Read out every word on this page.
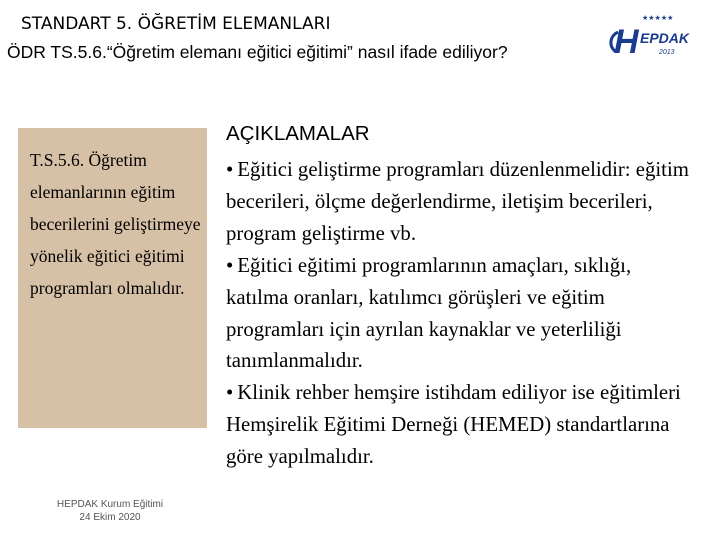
STANDART 5. ÖĞRETİM ELEMANLARI
ÖDR TS.5.6.“Öğretim elemanı eğitici eğitimi” nasıl ifade ediliyor?
★★★★★
H EPDAK
2013
T.S.5.6. Öğretim elemanlarının eğitim becerilerini geliştirmeye yönelik eğitici eğitimi programları olmalıdır.
AÇIKLAMALAR
• Eğitici geliştirme programları düzenlenmelidir: eğitim becerileri, ölçme değerlendirme, iletişim becerileri, program geliştirme vb.
• Eğitici eğitimi programlarının amaçları, sıklığı, katılma oranları, katılımcı görüşleri ve eğitim programları için ayrılan kaynaklar ve yeterliliği tanımlanmalıdır.
• Klinik rehber hemşire istihdam ediliyor ise eğitimleri Hemşirelik Eğitimi Derneği (HEMED) standartlarına göre yapılmalıdır.
HEPDAK Kurum Eğitimi
24 Ekim 2020
